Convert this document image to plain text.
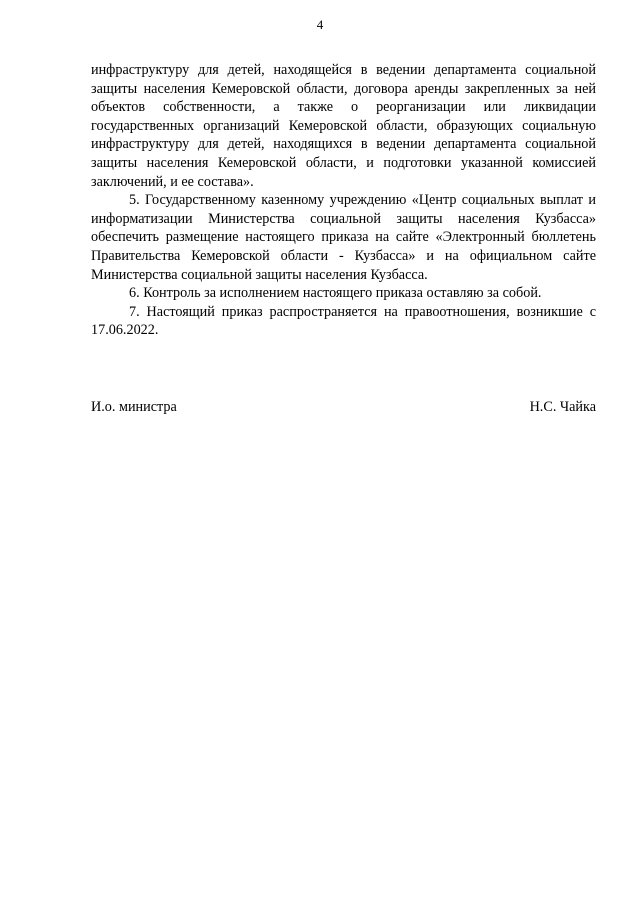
4

инфраструктуру для детей, находящейся в ведении департамента социальной защиты населения Кемеровской области, договора аренды закрепленных за ней объектов собственности, а также о реорганизации или ликвидации государственных организаций Кемеровской области, образующих социальную инфраструктуру для детей, находящихся в ведении департамента социальной защиты населения Кемеровской области, и подготовки указанной комиссией заключений, и ее состава».

5. Государственному казенному учреждению «Центр социальных выплат и информатизации Министерства социальной защиты населения Кузбасса» обеспечить размещение настоящего приказа на сайте «Электронный бюллетень Правительства Кемеровской области - Кузбасса» и на официальном сайте Министерства социальной защиты населения Кузбасса.

6. Контроль за исполнением настоящего приказа оставляю за собой.

7. Настоящий приказ распространяется на правоотношения, возникшие с 17.06.2022.

И.о. министра	Н.С. Чайка
